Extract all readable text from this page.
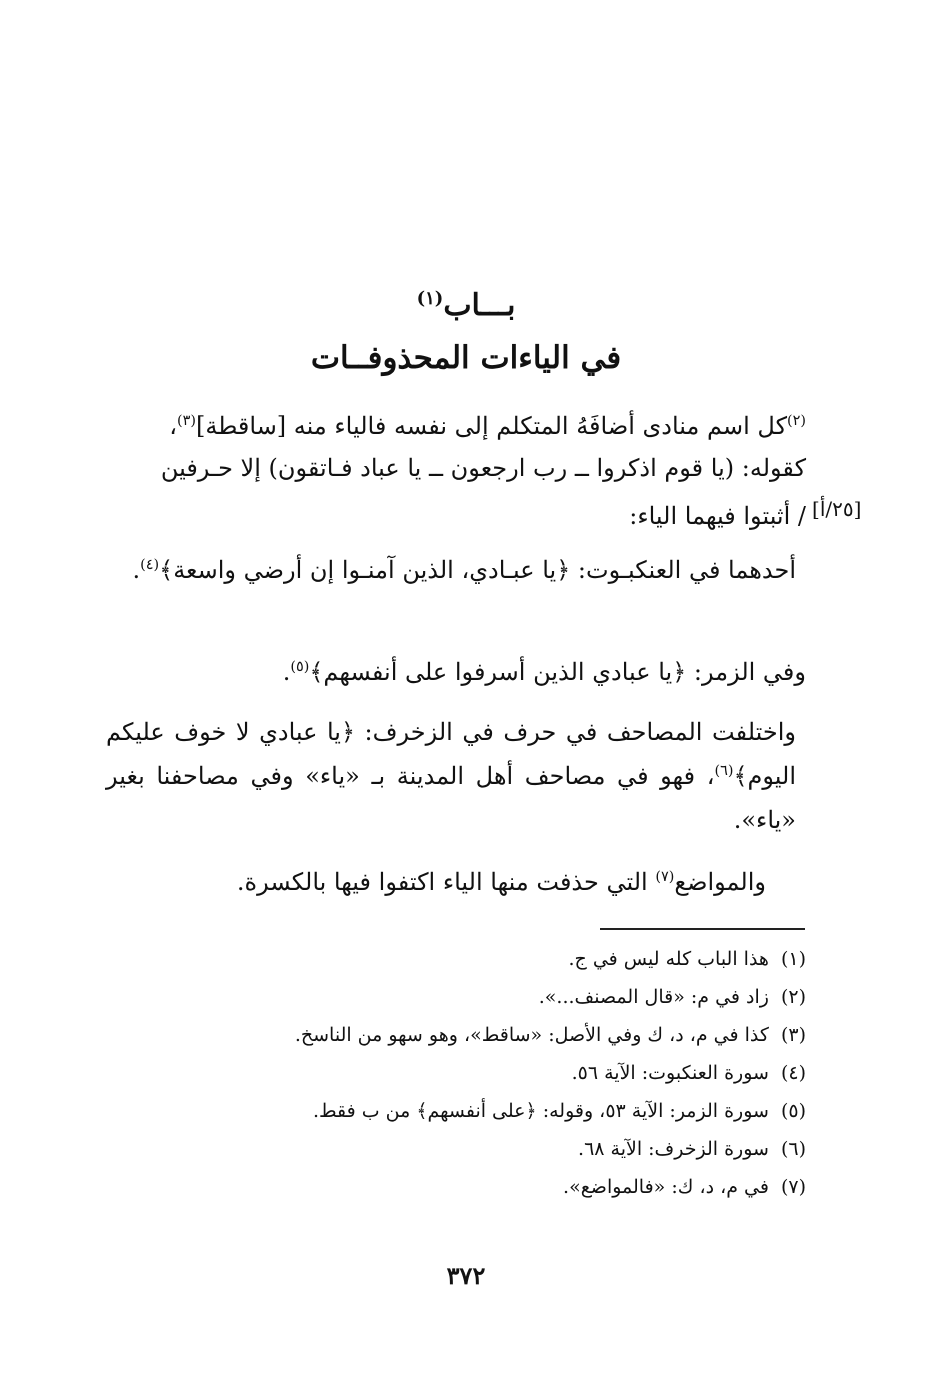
بـــاب$^{(١)}$
في الياءات المحذوفــات
$^{(٢)}$كل اسم منادى أضافَهُ المتكلم إلى نفسه فالياء منه [ساقطة]$^{(٣)}$،
كقوله: (يا قوم اذكروا ــ رب ارجعون ــ يا عباد فـاتقون) إلا حـرفين
/ أثبتوا فيهما الياء: [٢٥/أ]
أحدهما في العنكبـوت: ﴿يا عبـادي، الذين آمنـوا إن أرضي واسعة﴾$^{(٤)}$.
وفي الزمر: ﴿يا عبادي الذين أسرفوا على أنفسهم﴾$^{(٥)}$.
واختلفت المصاحف في حرف في الزخرف: ﴿يا عبادي لا خوف عليكم اليوم﴾$^{(٦)}$، فهو في مصاحف أهل المدينة بـ «ياء» وفي مصاحفنا بغير «ياء».
والمواضع$^{(٧)}$ التي حذفت منها الياء اكتفوا فيها بالكسرة.
(١)هذا الباب كله ليس في ج.
(٢)زاد في م: «قال المصنف...».
(٣)كذا في م، د، ك وفي الأصل: «ساقط»، وهو سهو من الناسخ.
(٤)سورة العنكبوت: الآية ٥٦.
(٥)سورة الزمر: الآية ٥٣، وقوله: ﴿على أنفسهم﴾ من ب فقط.
(٦)سورة الزخرف: الآية ٦٨.
(٧)في م، د، ك: «فالمواضع».
٣٧٢
